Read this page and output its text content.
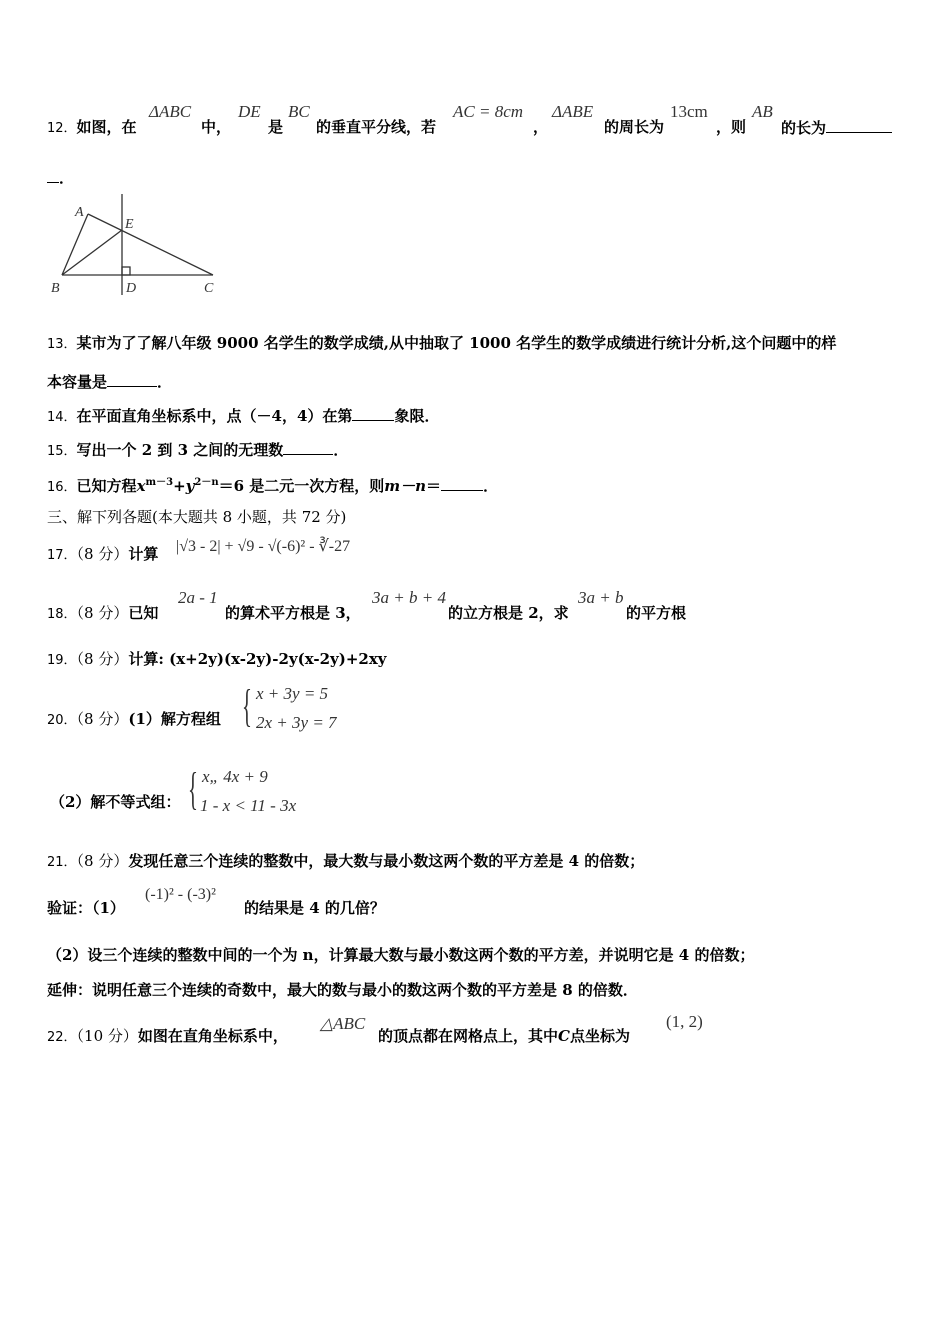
12．如图，在
ΔABC
中，
DE
是
BC
的垂直平分线，若
AC = 8cm
，
ΔABE
的周长为
13cm
，则
AB
的长为
．
A
E
B	D	C
13．某市为了了解八年级 9000 名学生的数学成绩,从中抽取了 1000 名学生的数学成绩进行统计分析,这个问题中的样
本容量是	．
14．在平面直角坐标系中，点（－4，4）在第	象限．
15．写出一个 2 到 3 之间的无理数	．
16．已知方程$x^{m-3}+y^{2-n}=6$ 是二元一次方程，则m－n＝	．
三、解下列各题(本大题共 8 小题，共 72 分)
17．（8 分）计算 |√3 - 2| + √9 - √(-6)² - ∛-27
18．（8 分）已知
2a - 1
的算术平方根是 3，
3a + b + 4
的立方根是 2，求
3a + b
的平方根
19．（8 分）计算: (x+2y)(x-2y)-2y(x-2y)+2xy
20．（8 分）(1）解方程组 { x + 3y = 5
2x + 3y = 7
（2）解不等式组： { x„ 4x + 9
1 - x < 11 - 3x
21．（8 分）发现任意三个连续的整数中，最大数与最小数这两个数的平方差是 4 的倍数；
验证：（1）
(-1)² - (-3)²
的结果是 4 的几倍？
（2）设三个连续的整数中间的一个为 n，计算最大数与最小数这两个数的平方差，并说明它是 4 的倍数；
延伸：说明任意三个连续的奇数中，最大的数与最小的数这两个数的平方差是 8 的倍数．
22．（10 分）如图在直角坐标系中，
△ABC
的顶点都在网格点上，其中C点坐标为
(1, 2)
